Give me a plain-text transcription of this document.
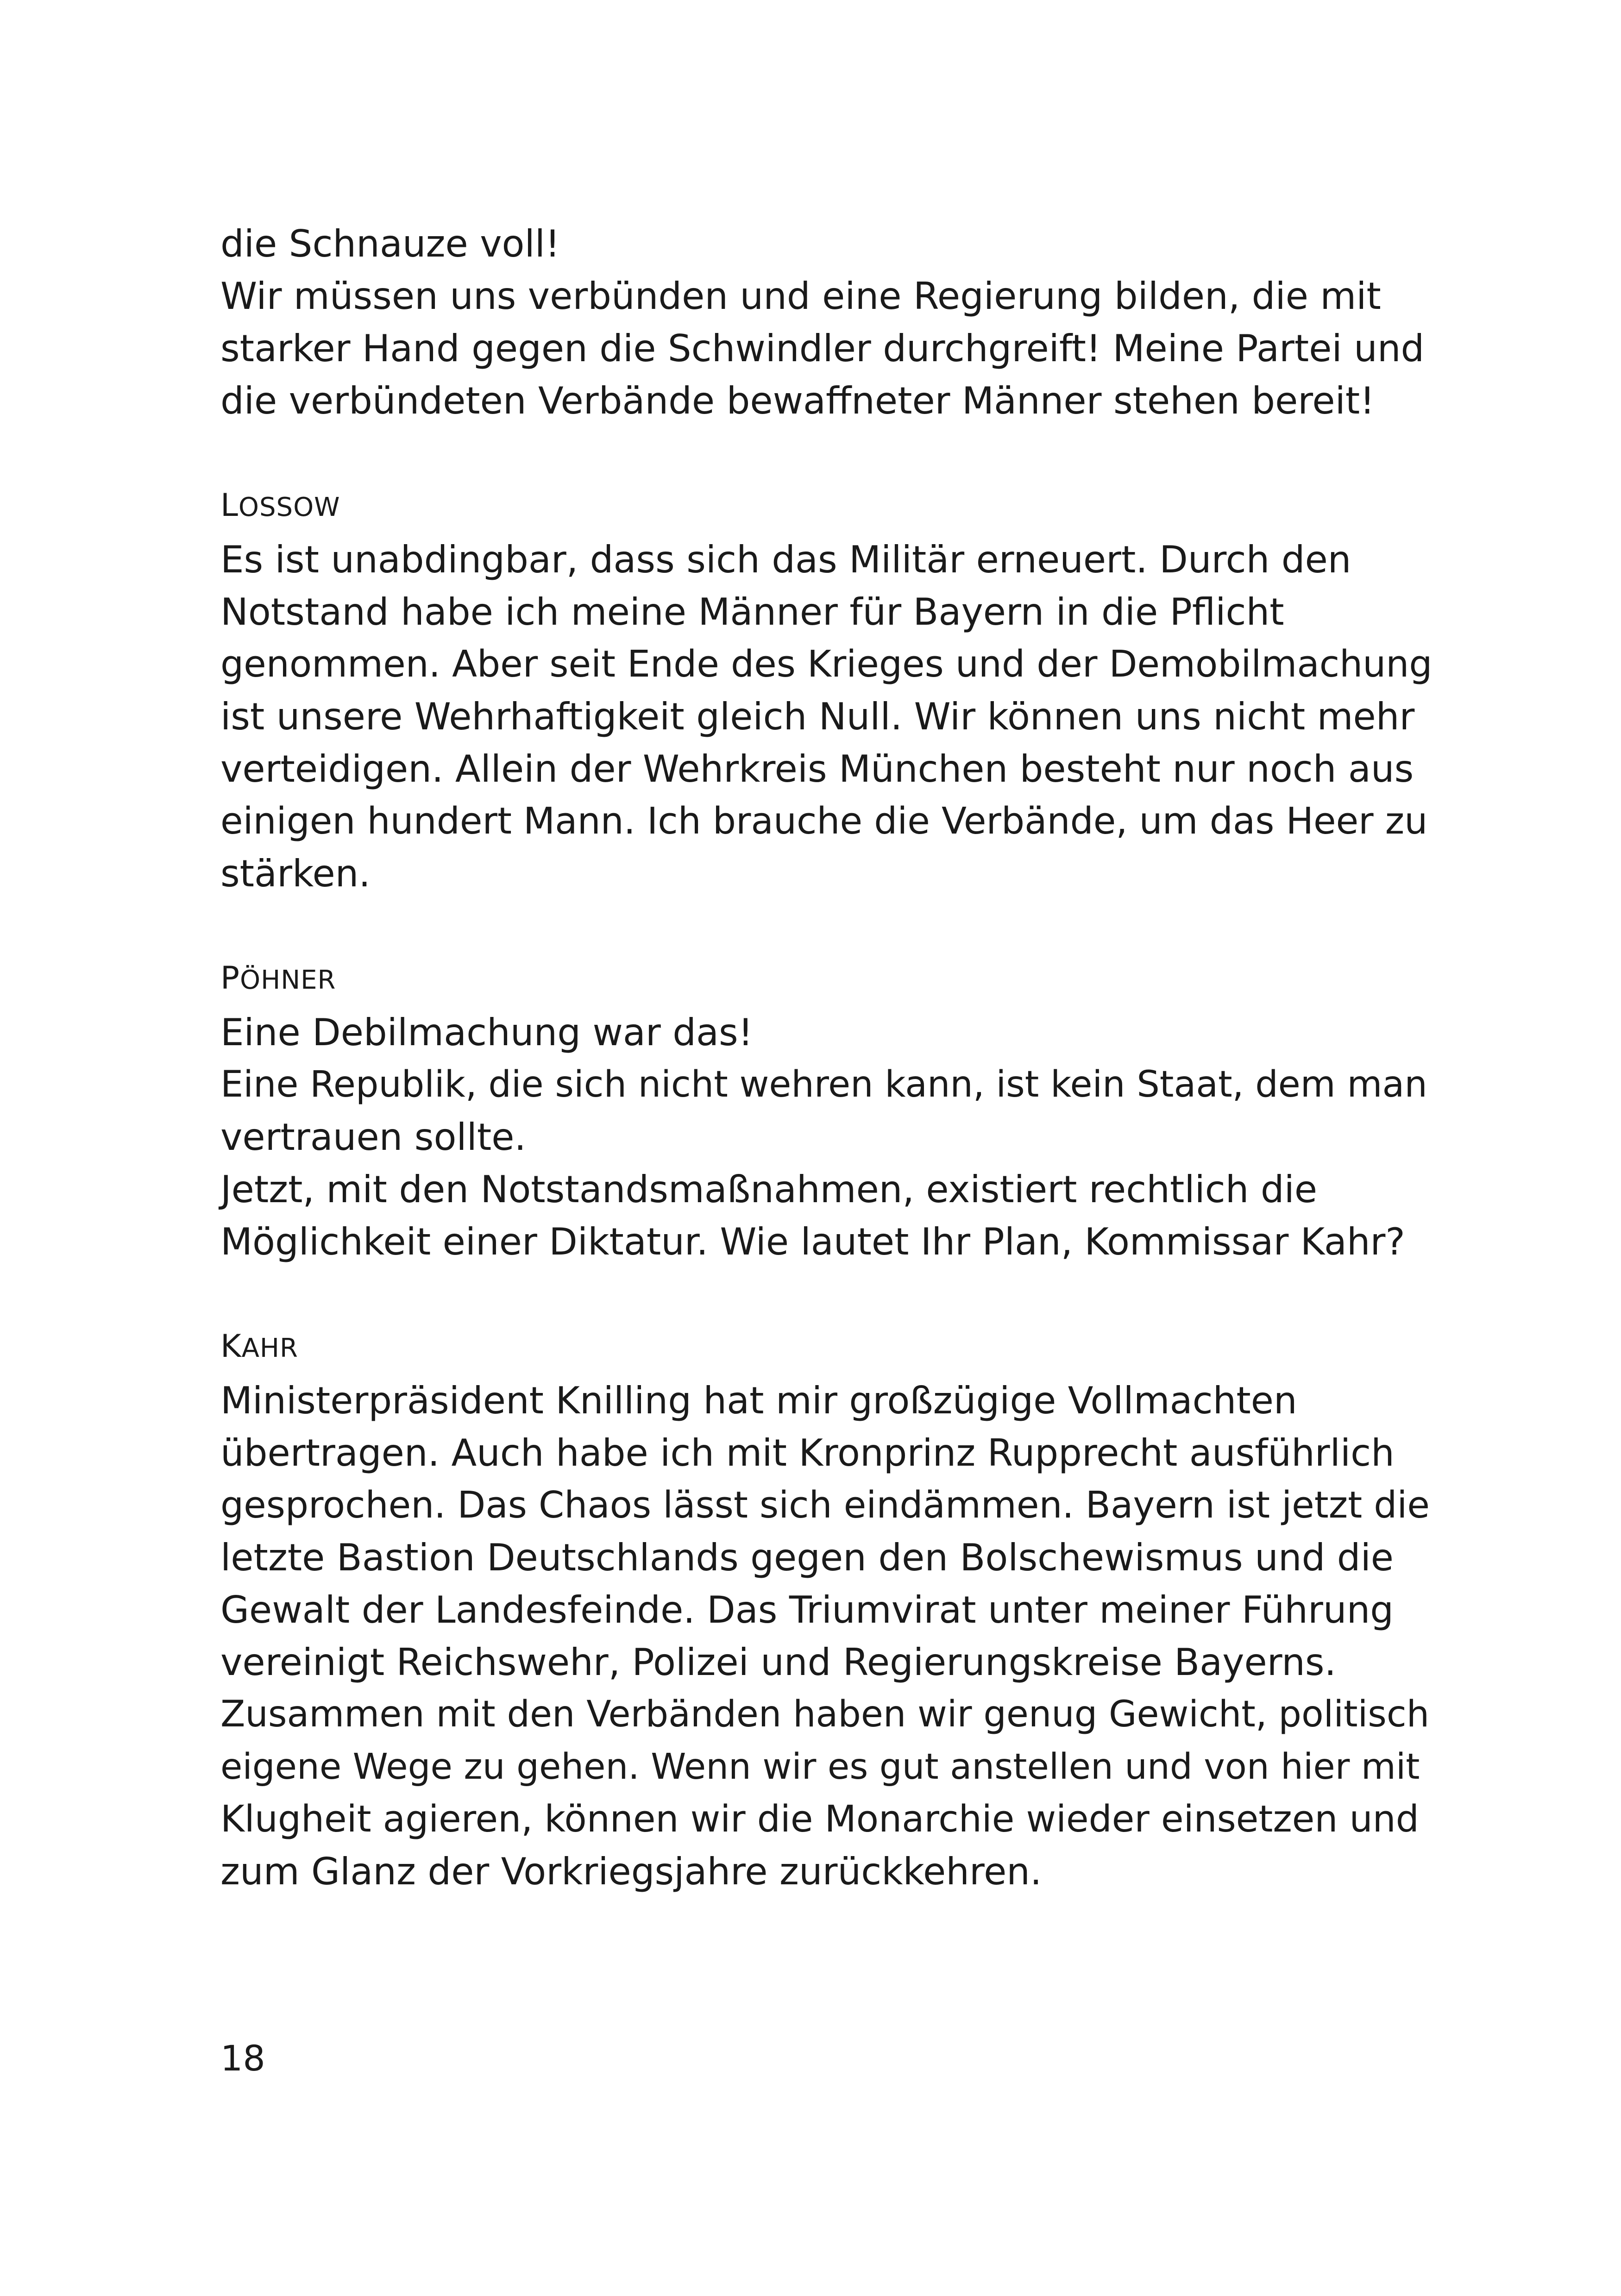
die Schnauze voll!

Wir müssen uns verbünden und eine Regierung bilden, die mit

starker Hand gegen die Schwindler durchgreift! Meine Partei und

die verbündeten Verbände bewaffneter Männer stehen bereit!

LOSSOW

Es ist unabdingbar, dass sich das Militär erneuert. Durch den

Notstand habe ich meine Männer für Bayern in die Pflicht

genommen. Aber seit Ende des Krieges und der Demobilmachung

ist unsere Wehrhaftigkeit gleich Null. Wir können uns nicht mehr

verteidigen. Allein der Wehrkreis München besteht nur noch aus

einigen hundert Mann. Ich brauche die Verbände, um das Heer zu

stärken.

PÖHNER

Eine Debilmachung war das!

Eine Republik, die sich nicht wehren kann, ist kein Staat, dem man

vertrauen sollte.

Jetzt, mit den Notstandsmaßnahmen, existiert rechtlich die

Möglichkeit einer Diktatur. Wie lautet Ihr Plan, Kommissar Kahr?

KAHR

Ministerpräsident Knilling hat mir großzügige Vollmachten

übertragen. Auch habe ich mit Kronprinz Rupprecht ausführlich

gesprochen. Das Chaos lässt sich eindämmen. Bayern ist jetzt die

letzte Bastion Deutschlands gegen den Bolschewismus und die

Gewalt der Landesfeinde. Das Triumvirat unter meiner Führung

vereinigt Reichswehr, Polizei und Regierungskreise Bayerns.

Zusammen mit den Verbänden haben wir genug Gewicht, politisch

eigene Wege zu gehen. Wenn wir es gut anstellen und von hier mit

Klugheit agieren, können wir die Monarchie wieder einsetzen und

zum Glanz der Vorkriegsjahre zurückkehren.

18
